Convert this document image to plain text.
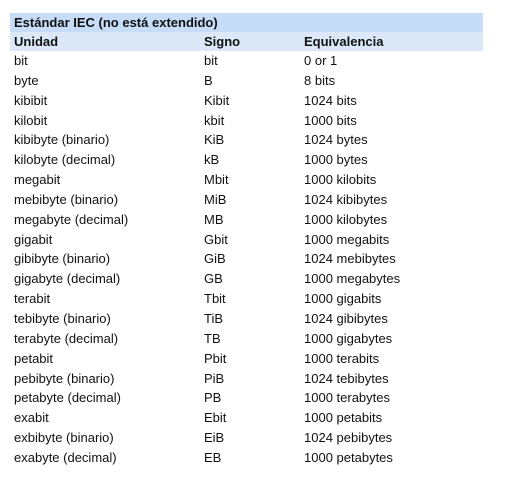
Estándar IEC (no está extendido)
Unidad	Signo	Equivalencia
bit	bit	0 or 1
byte	B	8 bits
kibibit	Kibit	1024 bits
kilobit	kbit	1000 bits
kibibyte (binario)	KiB	1024 bytes
kilobyte (decimal)	kB	1000 bytes
megabit	Mbit	1000 kilobits
mebibyte (binario)	MiB	1024 kibibytes
megabyte (decimal)	MB	1000 kilobytes
gigabit	Gbit	1000 megabits
gibibyte (binario)	GiB	1024 mebibytes
gigabyte (decimal)	GB	1000 megabytes
terabit	Tbit	1000 gigabits
tebibyte (binario)	TiB	1024 gibibytes
terabyte (decimal)	TB	1000 gigabytes
petabit	Pbit	1000 terabits
pebibyte (binario)	PiB	1024 tebibytes
petabyte (decimal)	PB	1000 terabytes
exabit	Ebit	1000 petabits
exbibyte (binario)	EiB	1024 pebibytes
exabyte (decimal)	EB	1000 petabytes
